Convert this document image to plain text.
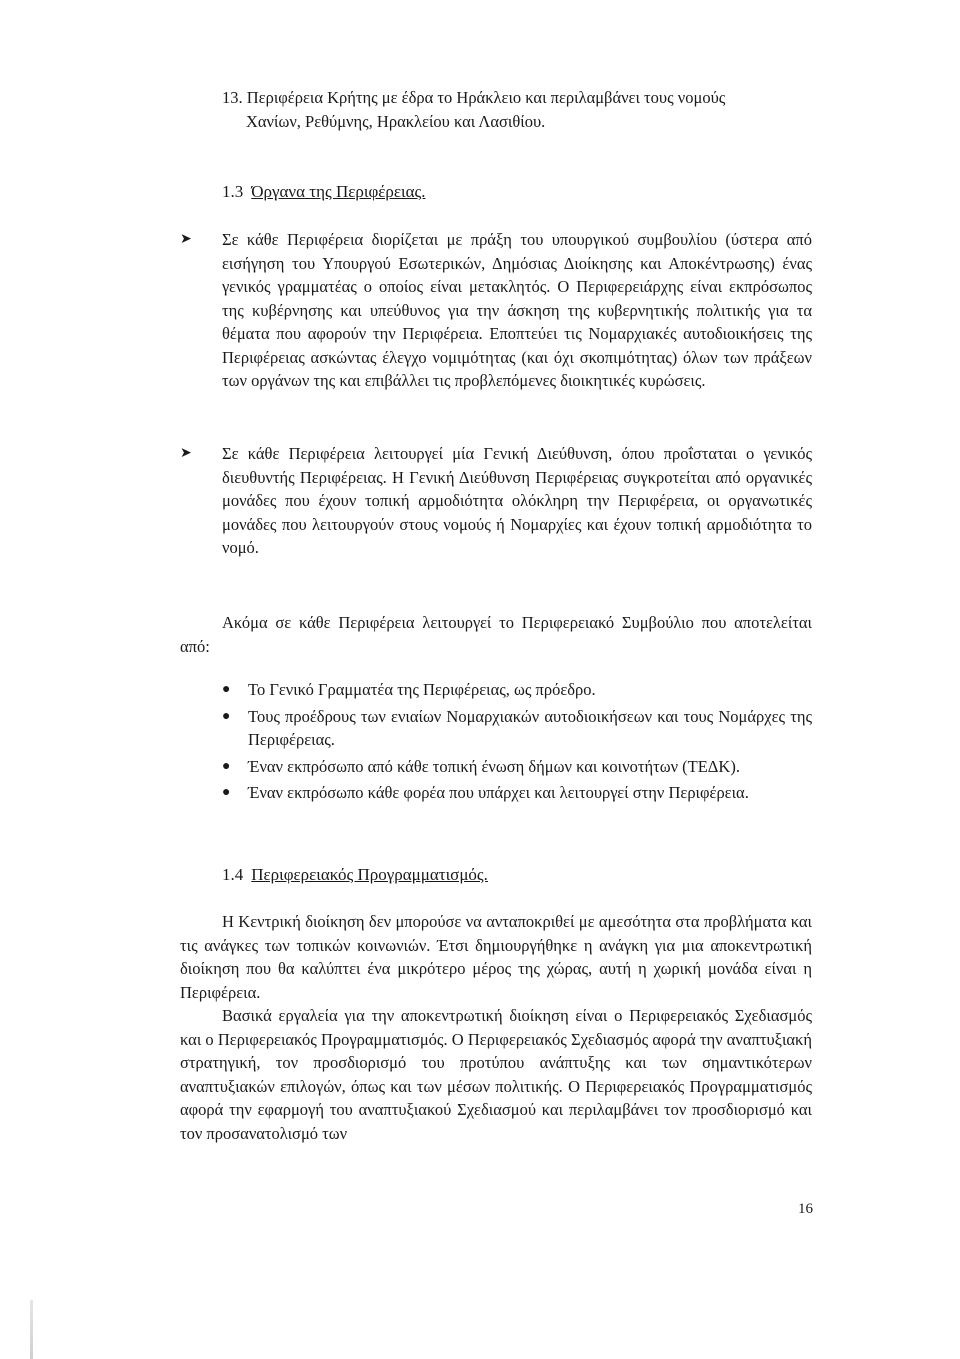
13. Περιφέρεια Κρήτης με έδρα το Ηράκλειο και περιλαμβάνει τους νομούς
Χανίων, Ρεθύμνης, Ηρακλείου και Λασιθίου.

1.3 Όργανα της Περιφέρειας.

➤ Σε κάθε Περιφέρεια διορίζεται με πράξη του υπουργικού συμβουλίου (ύστερα από εισήγηση του Υπουργού Εσωτερικών, Δημόσιας Διοίκησης και Αποκέντρωσης) ένας γενικός γραμματέας ο οποίος είναι μετακλητός. Ο Περιφερειάρχης είναι εκπρόσωπος της κυβέρνησης και υπεύθυνος για την άσκηση της κυβερνητικής πολιτικής για τα θέματα που αφορούν την Περιφέρεια. Εποπτεύει τις Νομαρχιακές αυτοδιοικήσεις της Περιφέρειας ασκώντας έλεγχο νομιμότητας (και όχι σκοπιμότητας) όλων των πράξεων των οργάνων της και επιβάλλει τις προβλεπόμενες διοικητικές κυρώσεις.
➤ Σε κάθε Περιφέρεια λειτουργεί μία Γενική Διεύθυνση, όπου προΐσταται ο γενικός διευθυντής Περιφέρειας. Η Γενική Διεύθυνση Περιφέρειας συγκροτείται από οργανικές μονάδες που έχουν τοπική αρμοδιότητα ολόκληρη την Περιφέρεια, οι οργανωτικές μονάδες που λειτουργούν στους νομούς ή Νομαρχίες και έχουν τοπική αρμοδιότητα το νομό.

Ακόμα σε κάθε Περιφέρεια λειτουργεί το Περιφερειακό Συμβούλιο που αποτελείται από:

● Το Γενικό Γραμματέα της Περιφέρειας, ως πρόεδρο.
● Τους προέδρους των ενιαίων Νομαρχιακών αυτοδιοικήσεων και τους Νομάρχες της Περιφέρειας.
● Έναν εκπρόσωπο από κάθε τοπική ένωση δήμων και κοινοτήτων (ΤΕΔΚ).
● Έναν εκπρόσωπο κάθε φορέα που υπάρχει και λειτουργεί στην Περιφέρεια.

1.4 Περιφερειακός Προγραμματισμός.

Η Κεντρική διοίκηση δεν μπορούσε να ανταποκριθεί με αμεσότητα στα προβλήματα και τις ανάγκες των τοπικών κοινωνιών. Έτσι δημιουργήθηκε η ανάγκη για μια αποκεντρωτική διοίκηση που θα καλύπτει ένα μικρότερο μέρος της χώρας, αυτή η χωρική μονάδα είναι η Περιφέρεια.

Βασικά εργαλεία για την αποκεντρωτική διοίκηση είναι ο Περιφερειακός Σχεδιασμός και ο Περιφερειακός Προγραμματισμός. Ο Περιφερειακός Σχεδιασμός αφορά την αναπτυξιακή στρατηγική, τον προσδιορισμό του προτύπου ανάπτυξης και των σημαντικότερων αναπτυξιακών επιλογών, όπως και των μέσων πολιτικής. Ο Περιφερειακός Προγραμματισμός αφορά την εφαρμογή του αναπτυξιακού Σχεδιασμού και περιλαμβάνει τον προσδιορισμό και τον προσανατολισμό των

16
